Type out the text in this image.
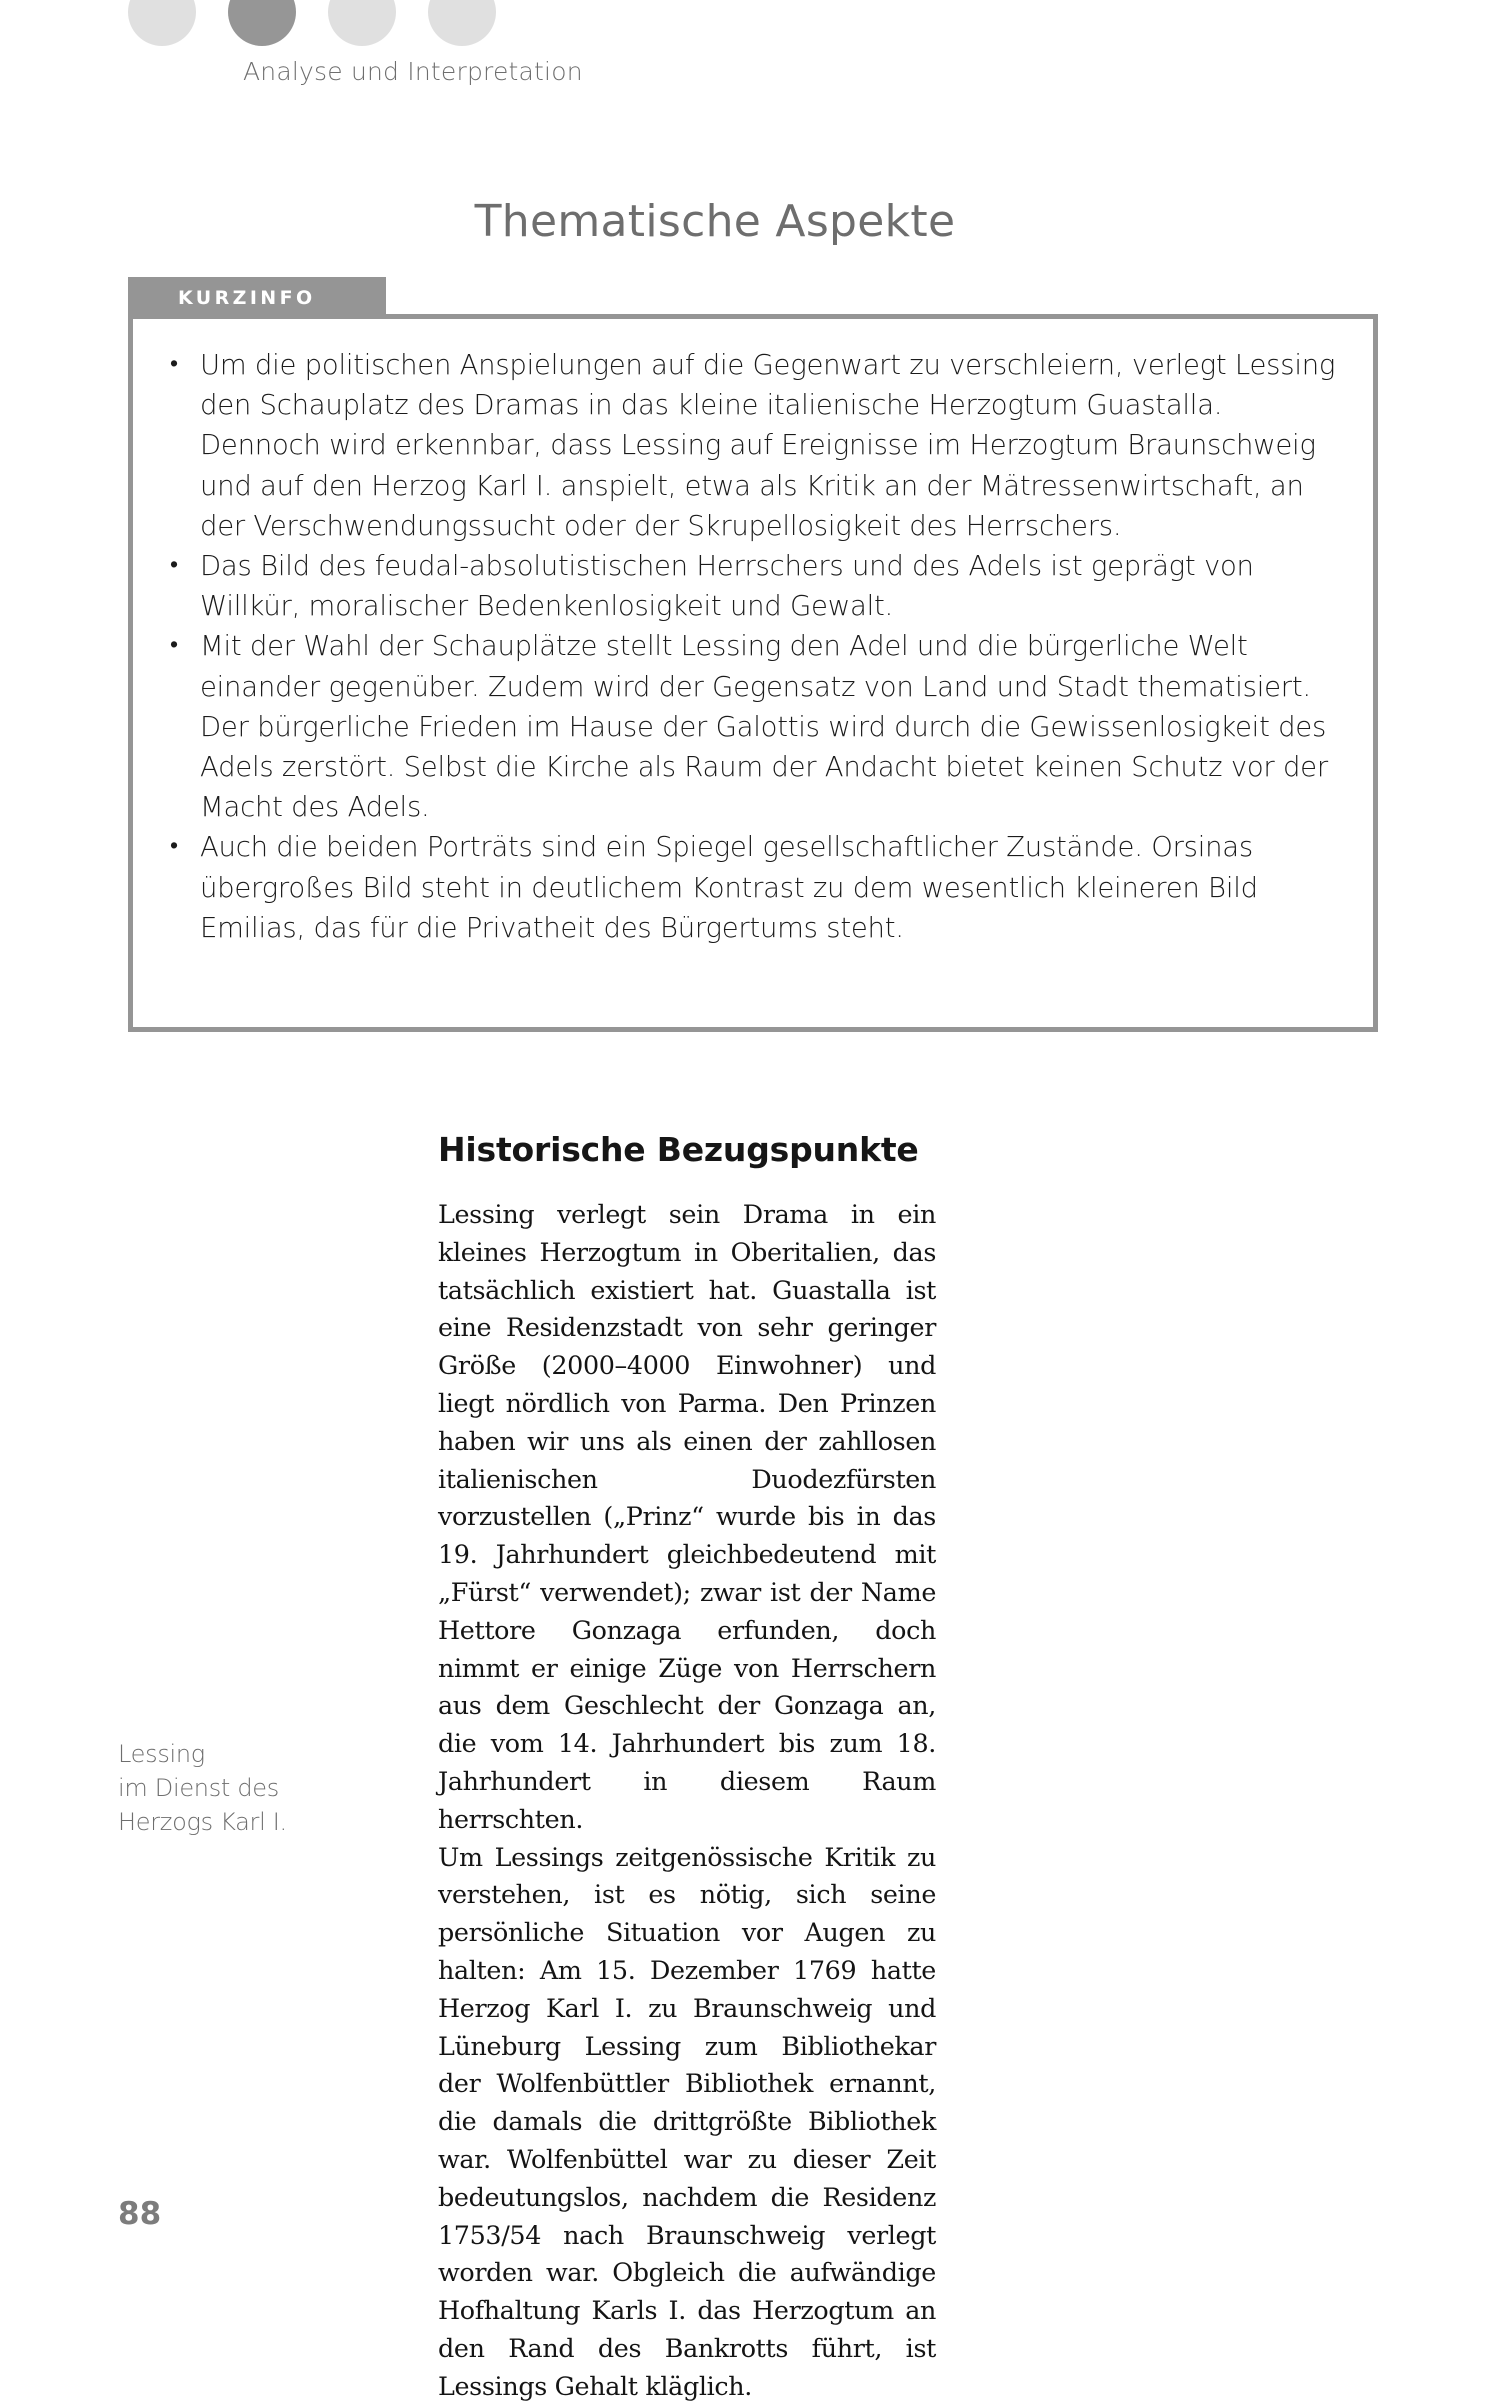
Analyse und Interpretation
Thematische Aspekte
KURZINFO
• Um die politischen Anspielungen auf die Gegenwart zu verschleiern, verlegt Lessing den Schauplatz des Dramas in das kleine italienische Herzogtum Guastalla. Dennoch wird erkennbar, dass Lessing auf Ereignisse im Herzogtum Braunschweig und auf den Herzog Karl I. anspielt, etwa als Kritik an der Mätressenwirtschaft, an der Verschwendungssucht oder der Skrupellosigkeit des Herrschers.
• Das Bild des feudal-absolutistischen Herrschers und des Adels ist geprägt von Willkür, moralischer Bedenkenlosigkeit und Gewalt.
• Mit der Wahl der Schauplätze stellt Lessing den Adel und die bürgerliche Welt einander gegenüber. Zudem wird der Gegensatz von Land und Stadt thematisiert. Der bürgerliche Frieden im Hause der Galottis wird durch die Gewissenlosigkeit des Adels zerstört. Selbst die Kirche als Raum der Andacht bietet keinen Schutz vor der Macht des Adels.
• Auch die beiden Porträts sind ein Spiegel gesellschaftlicher Zustände. Orsinas übergroßes Bild steht in deutlichem Kontrast zu dem wesentlich kleineren Bild Emilias, das für die Privatheit des Bürgertums steht.
Historische Bezugspunkte

Lessing verlegt sein Drama in ein kleines Herzogtum in Oberitalien, das tatsächlich existiert hat. Guastalla ist eine Residenzstadt von sehr geringer Größe (2000–4000 Einwohner) und liegt nördlich von Parma. Den Prinzen haben wir uns als einen der zahllosen italienischen Duodezfürsten vorzustellen („Prinz“ wurde bis in das 19. Jahrhundert gleichbedeutend mit „Fürst“ verwendet); zwar ist der Name Hettore Gonzaga erfunden, doch nimmt er einige Züge von Herrschern aus dem Geschlecht der Gonzaga an, die vom 14. Jahrhundert bis zum 18. Jahrhundert in diesem Raum herrschten.

Um Lessings zeitgenössische Kritik zu verstehen, ist es nötig, sich seine persönliche Situation vor Augen zu halten: Am 15. Dezember 1769 hatte Herzog Karl I. zu Braunschweig und Lüneburg Lessing zum Bibliothekar der Wolfenbüttler Bibliothek ernannt, die damals die drittgrößte Bibliothek war. Wolfenbüttel war zu dieser Zeit bedeutungslos, nachdem die Residenz 1753/54 nach Braunschweig verlegt worden war. Obgleich die aufwändige Hofhaltung Karls I. das Herzogtum an den Rand des Bankrotts führt, ist Lessings Gehalt kläglich.

Lessing
im Dienst des
Herzogs Karl I.
88
